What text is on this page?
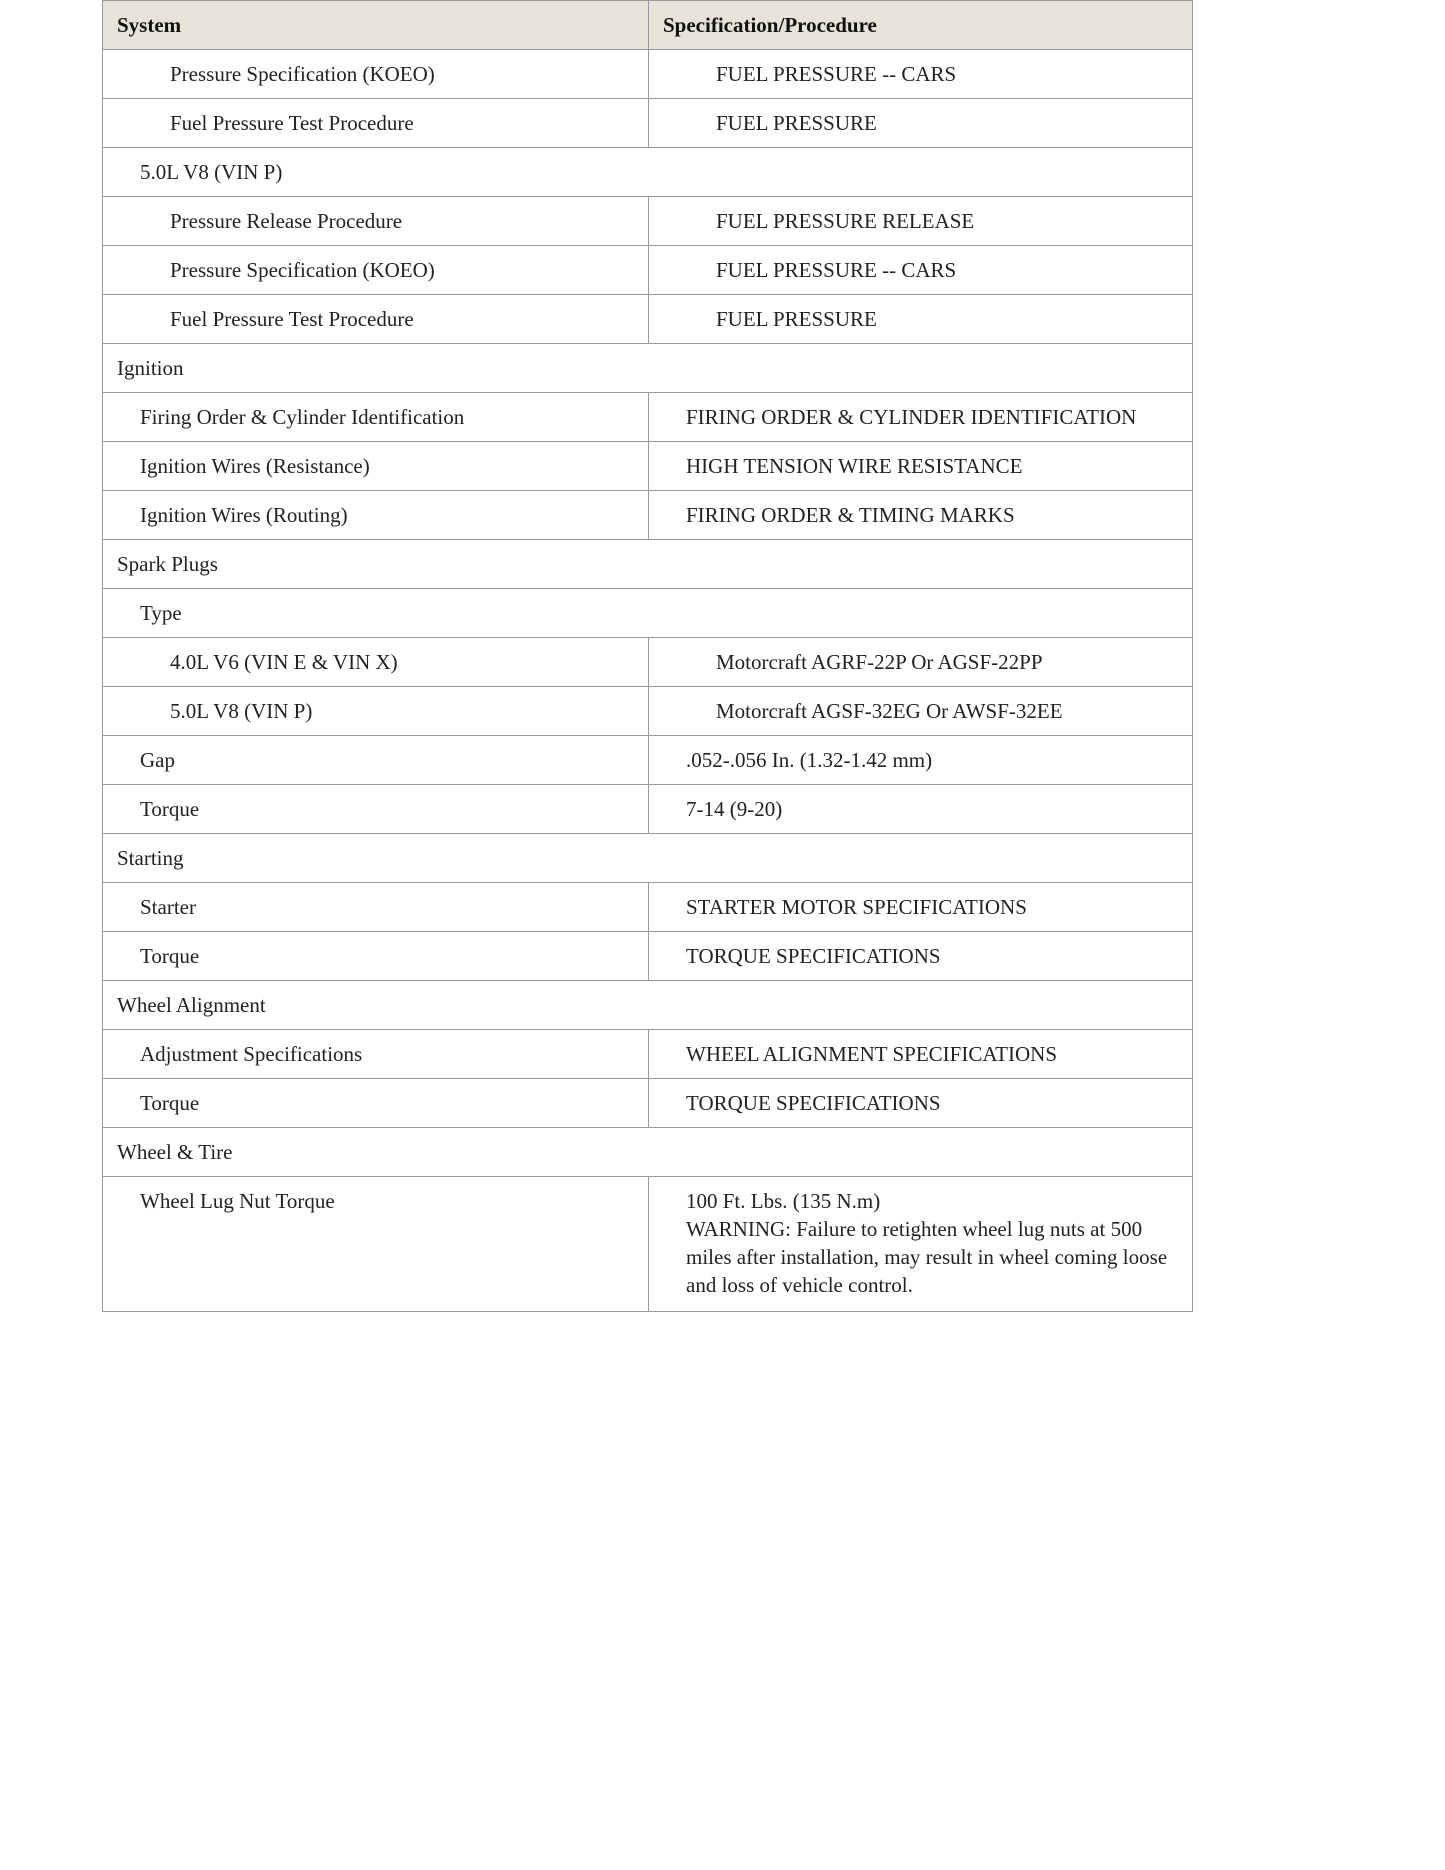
System	Specification/Procedure
Pressure Specification (KOEO)	FUEL PRESSURE -- CARS
Fuel Pressure Test Procedure	FUEL PRESSURE
5.0L V8 (VIN P)	
Pressure Release Procedure	FUEL PRESSURE RELEASE
Pressure Specification (KOEO)	FUEL PRESSURE -- CARS
Fuel Pressure Test Procedure	FUEL PRESSURE
Ignition	
Firing Order & Cylinder Identification	FIRING ORDER & CYLINDER IDENTIFICATION
Ignition Wires (Resistance)	HIGH TENSION WIRE RESISTANCE
Ignition Wires (Routing)	FIRING ORDER & TIMING MARKS
Spark Plugs	
Type	
4.0L V6 (VIN E & VIN X)	Motorcraft AGRF-22P Or AGSF-22PP
5.0L V8 (VIN P)	Motorcraft AGSF-32EG Or AWSF-32EE
Gap	.052-.056 In. (1.32-1.42 mm)
Torque	7-14 (9-20)
Starting	
Starter	STARTER MOTOR SPECIFICATIONS
Torque	TORQUE SPECIFICATIONS
Wheel Alignment	
Adjustment Specifications	WHEEL ALIGNMENT SPECIFICATIONS
Torque	TORQUE SPECIFICATIONS
Wheel & Tire	
Wheel Lug Nut Torque	100 Ft. Lbs. (135 N.m)
WARNING: Failure to retighten wheel lug nuts at 500 miles after installation, may result in wheel coming loose and loss of vehicle control.
